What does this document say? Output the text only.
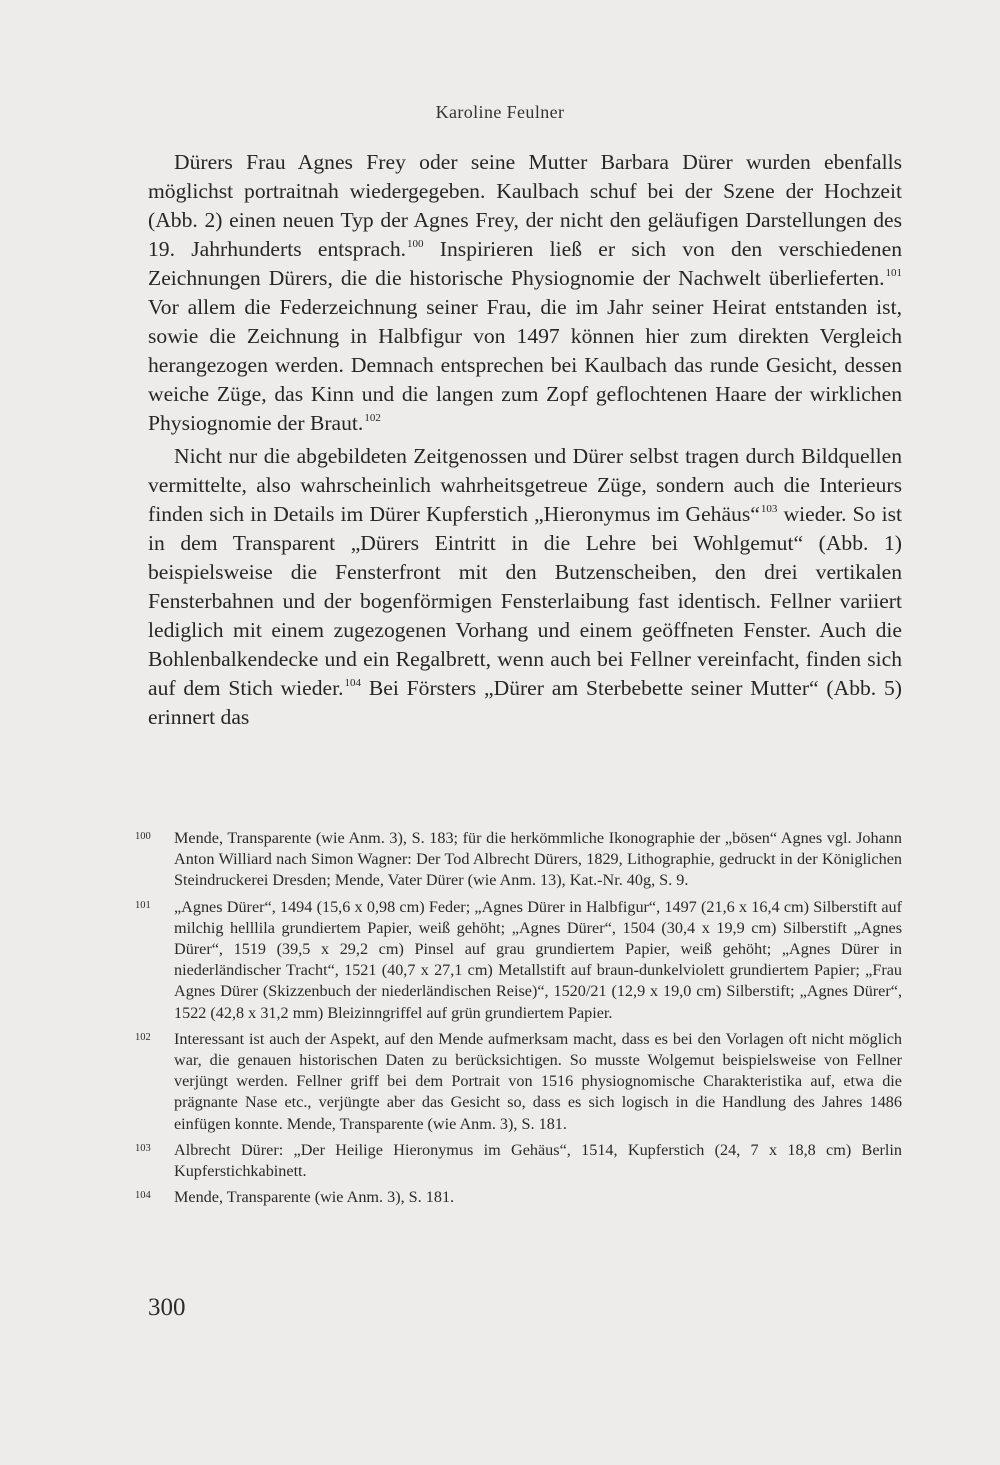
Karoline Feulner

Dürers Frau Agnes Frey oder seine Mutter Barbara Dürer wurden ebenfalls möglichst portraitnah wiedergegeben. Kaulbach schuf bei der Szene der Hochzeit (Abb. 2) einen neuen Typ der Agnes Frey, der nicht den geläufigen Darstellungen des 19. Jahrhunderts entsprach.$^{100}$ Inspirieren ließ er sich von den verschiedenen Zeichnungen Dürers, die die historische Physiognomie der Nachwelt überlieferten.$^{101}$ Vor allem die Federzeichnung seiner Frau, die im Jahr seiner Heirat entstanden ist, sowie die Zeichnung in Halbfigur von 1497 können hier zum direkten Vergleich herangezogen werden. Demnach entsprechen bei Kaulbach das runde Gesicht, dessen weiche Züge, das Kinn und die langen zum Zopf geflochtenen Haare der wirklichen Physiognomie der Braut.$^{102}$

Nicht nur die abgebildeten Zeitgenossen und Dürer selbst tragen durch Bildquellen vermittelte, also wahrscheinlich wahrheitsgetreue Züge, sondern auch die Interieurs finden sich in Details im Dürer Kupferstich „Hieronymus im Gehäus“$^{103}$ wieder. So ist in dem Transparent „Dürers Eintritt in die Lehre bei Wohlgemut“ (Abb. 1) beispielsweise die Fensterfront mit den Butzenscheiben, den drei vertikalen Fensterbahnen und der bogenförmigen Fensterlaibung fast identisch. Fellner variiert lediglich mit einem zugezogenen Vorhang und einem geöffneten Fenster. Auch die Bohlenbalkendecke und ein Regalbrett, wenn auch bei Fellner vereinfacht, finden sich auf dem Stich wieder.$^{104}$ Bei Försters „Dürer am Sterbebette seiner Mutter“ (Abb. 5) erinnert das

100 Mende, Transparente (wie Anm. 3), S. 183; für die herkömmliche Ikonographie der „bösen“ Agnes vgl. Johann Anton Williard nach Simon Wagner: Der Tod Albrecht Dürers, 1829, Lithographie, gedruckt in der Königlichen Steindruckerei Dresden; Mende, Vater Dürer (wie Anm. 13), Kat.-Nr. 40g, S. 9.
101 „Agnes Dürer“, 1494 (15,6 x 0,98 cm) Feder; „Agnes Dürer in Halbfigur“, 1497 (21,6 x 16,4 cm) Silberstift auf milchig helllila grundiertem Papier, weiß gehöht; „Agnes Dürer“, 1504 (30,4 x 19,9 cm) Silberstift „Agnes Dürer“, 1519 (39,5 x 29,2 cm) Pinsel auf grau grundiertem Papier, weiß gehöht; „Agnes Dürer in niederländischer Tracht“, 1521 (40,7 x 27,1 cm) Metallstift auf braun-dunkelviolett grundiertem Papier; „Frau Agnes Dürer (Skizzenbuch der niederländischen Reise)“, 1520/21 (12,9 x 19,0 cm) Silberstift; „Agnes Dürer“, 1522 (42,8 x 31,2 mm) Bleizinngriffel auf grün grundiertem Papier.
102 Interessant ist auch der Aspekt, auf den Mende aufmerksam macht, dass es bei den Vorlagen oft nicht möglich war, die genauen historischen Daten zu berücksichtigen. So musste Wolgemut beispielsweise von Fellner verjüngt werden. Fellner griff bei dem Portrait von 1516 physiognomische Charakteristika auf, etwa die prägnante Nase etc., verjüngte aber das Gesicht so, dass es sich logisch in die Handlung des Jahres 1486 einfügen konnte. Mende, Transparente (wie Anm. 3), S. 181.
103 Albrecht Dürer: „Der Heilige Hieronymus im Gehäus“, 1514, Kupferstich (24, 7 x 18,8 cm) Berlin Kupferstichkabinett.
104 Mende, Transparente (wie Anm. 3), S. 181.
300
